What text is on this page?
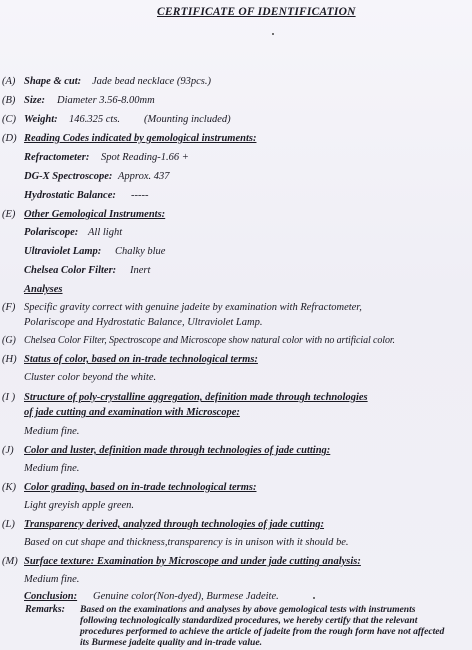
CERTIFICATE OF IDENTIFICATION
(A) Shape & cut: Jade bead necklace (93pcs.)
(B) Size: Diameter 3.56-8.00mm
(C) Weight: 146.325 cts. (Mounting included)
(D) Reading Codes indicated by gemological instruments:
Refractometer: Spot Reading-1.66 +
DG-X Spectroscope: Approx. 437
Hydrostatic Balance: -----
(E) Other Gemological Instruments:
Polariscope: All light
Ultraviolet Lamp: Chalky blue
Chelsea Color Filter: Inert
Analyses
(F) Specific gravity correct with genuine jadeite by examination with Refractometer,
Polariscope and Hydrostatic Balance, Ultraviolet Lamp.
(G) Chelsea Color Filter, Spectroscope and Microscope show natural color with no artificial color.
(H) Status of color, based on in-trade technological terms:
Cluster color beyond the white.
(I ) Structure of poly-crystalline aggregation, definition made through technologies
of jade cutting and examination with Microscope:
Medium fine.
(J) Color and luster, definition made through technologies of jade cutting:
Medium fine.
(K) Color grading, based on in-trade technological terms:
Light greyish apple green.
(L) Transparency derived, analyzed through technologies of jade cutting:
Based on cut shape and thickness,transparency is in unison with it should be.
(M) Surface texture: Examination by Microscope and under jade cutting analysis:
Medium fine.
Conclusion: Genuine color(Non-dyed), Burmese Jadeite.
Remarks: Based on the examinations and analyses by above gemological tests with instruments following technologically standardized procedures, we hereby certify that the relevant procedures performed to achieve the article of jadeite from the rough form have not affected its Burmese jadeite quality and in-trade value.
